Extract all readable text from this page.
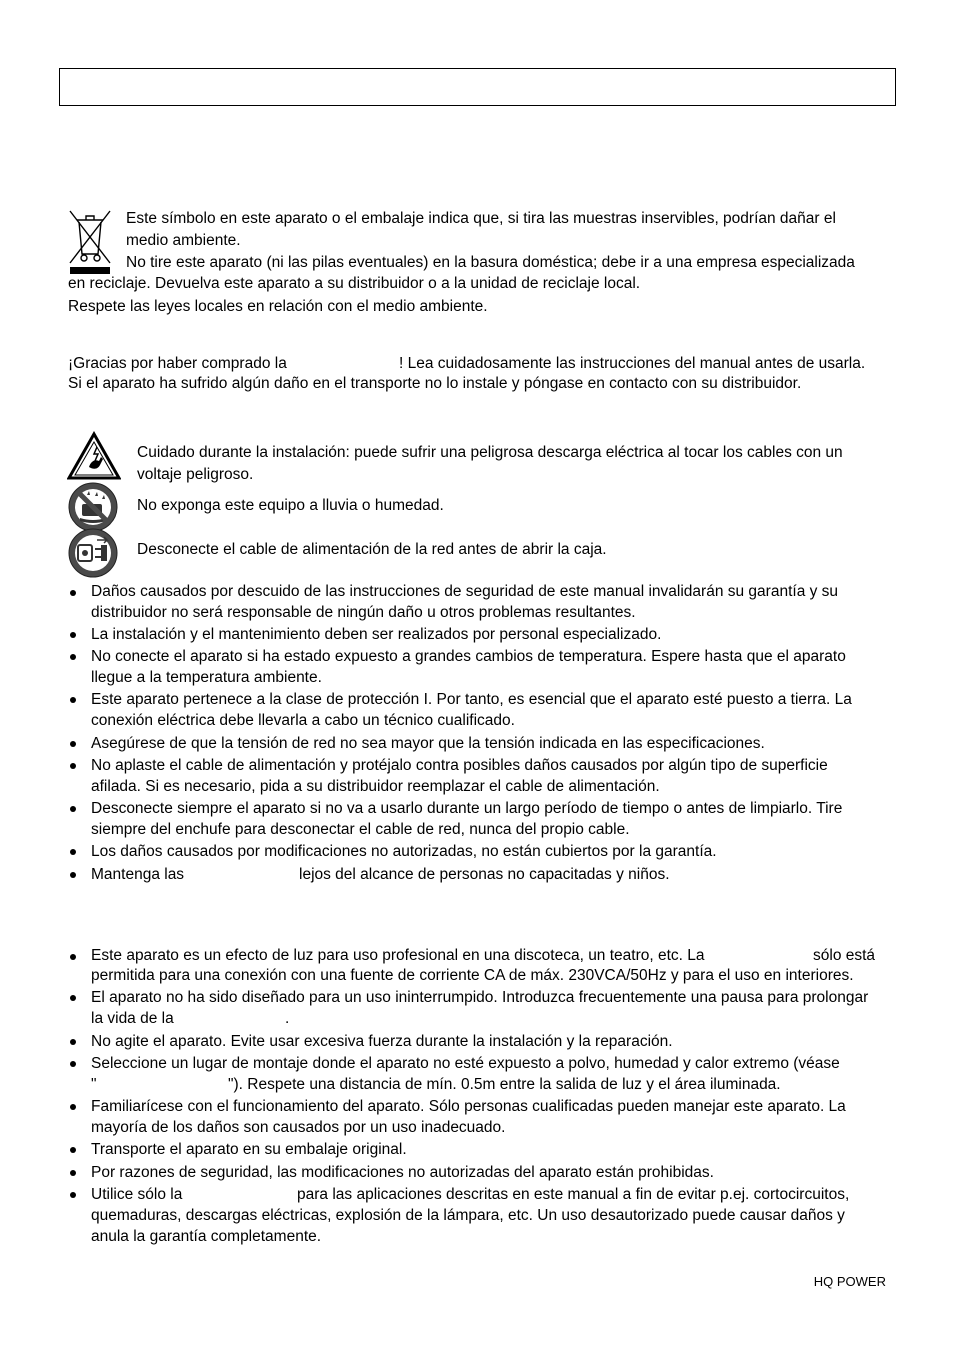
Este símbolo en este aparato o el embalaje indica que, si tira las muestras inservibles, podrían dañar el
medio ambiente.
No tire este aparato (ni las pilas eventuales) en la basura doméstica; debe ir a una empresa especializada
en reciclaje. Devuelva este aparato a su distribuidor o a la unidad de reciclaje local.
Respete las leyes locales en relación con el medio ambiente.
¡Gracias por haber comprado la	! Lea cuidadosamente las instrucciones del manual antes de usarla.
Si el aparato ha sufrido algún daño en el transporte no lo instale y póngase en contacto con su distribuidor.
Cuidado durante la instalación: puede sufrir una peligrosa descarga eléctrica al tocar los cables con un
voltaje peligroso.
No exponga este equipo a lluvia o humedad.
Desconecte el cable de alimentación de la red antes de abrir la caja.
Daños causados por descuido de las instrucciones de seguridad de este manual invalidarán su garantía y su
distribuidor no será responsable de ningún daño u otros problemas resultantes.
La instalación y el mantenimiento deben ser realizados por personal especializado.
No conecte el aparato si ha estado expuesto a grandes cambios de temperatura. Espere hasta que el aparato
llegue a la temperatura ambiente.
Este aparato pertenece a la clase de protección I. Por tanto, es esencial que el aparato esté puesto a tierra. La
conexión eléctrica debe llevarla a cabo un técnico cualificado.
Asegúrese de que la tensión de red no sea mayor que la tensión indicada en las especificaciones.
No aplaste el cable de alimentación y protéjalo contra posibles daños causados por algún tipo de superficie
afilada. Si es necesario, pida a su distribuidor reemplazar el cable de alimentación.
Desconecte siempre el aparato si no va a usarlo durante un largo período de tiempo o antes de limpiarlo. Tire
siempre del enchufe para desconectar el cable de red, nunca del propio cable.
Los daños causados por modificaciones no autorizadas, no están cubiertos por la garantía.
Mantenga las	lejos del alcance de personas no capacitadas y niños.
Este aparato es un efecto de luz para uso profesional en una discoteca, un teatro, etc. La	sólo está
permitida para una conexión con una fuente de corriente CA de máx. 230VCA/50Hz y para el uso en interiores.
El aparato no ha sido diseñado para un uso ininterrumpido. Introduzca frecuentemente una pausa para prolongar
la vida de la	.
No agite el aparato. Evite usar excesiva fuerza durante la instalación y la reparación.
Seleccione un lugar de montaje donde el aparato no esté expuesto a polvo, humedad y calor extremo (véase
"	"). Respete una distancia de mín. 0.5m entre la salida de luz y el área iluminada.
Familiarícese con el funcionamiento del aparato. Sólo personas cualificadas pueden manejar este aparato. La
mayoría de los daños son causados por un uso inadecuado.
Transporte el aparato en su embalaje original.
Por razones de seguridad, las modificaciones no autorizadas del aparato están prohibidas.
Utilice sólo la	para las aplicaciones descritas en este manual a fin de evitar p.ej. cortocircuitos,
quemaduras, descargas eléctricas, explosión de la lámpara, etc. Un uso desautorizado puede causar daños y
anula la garantía completamente.
HQ POWER
